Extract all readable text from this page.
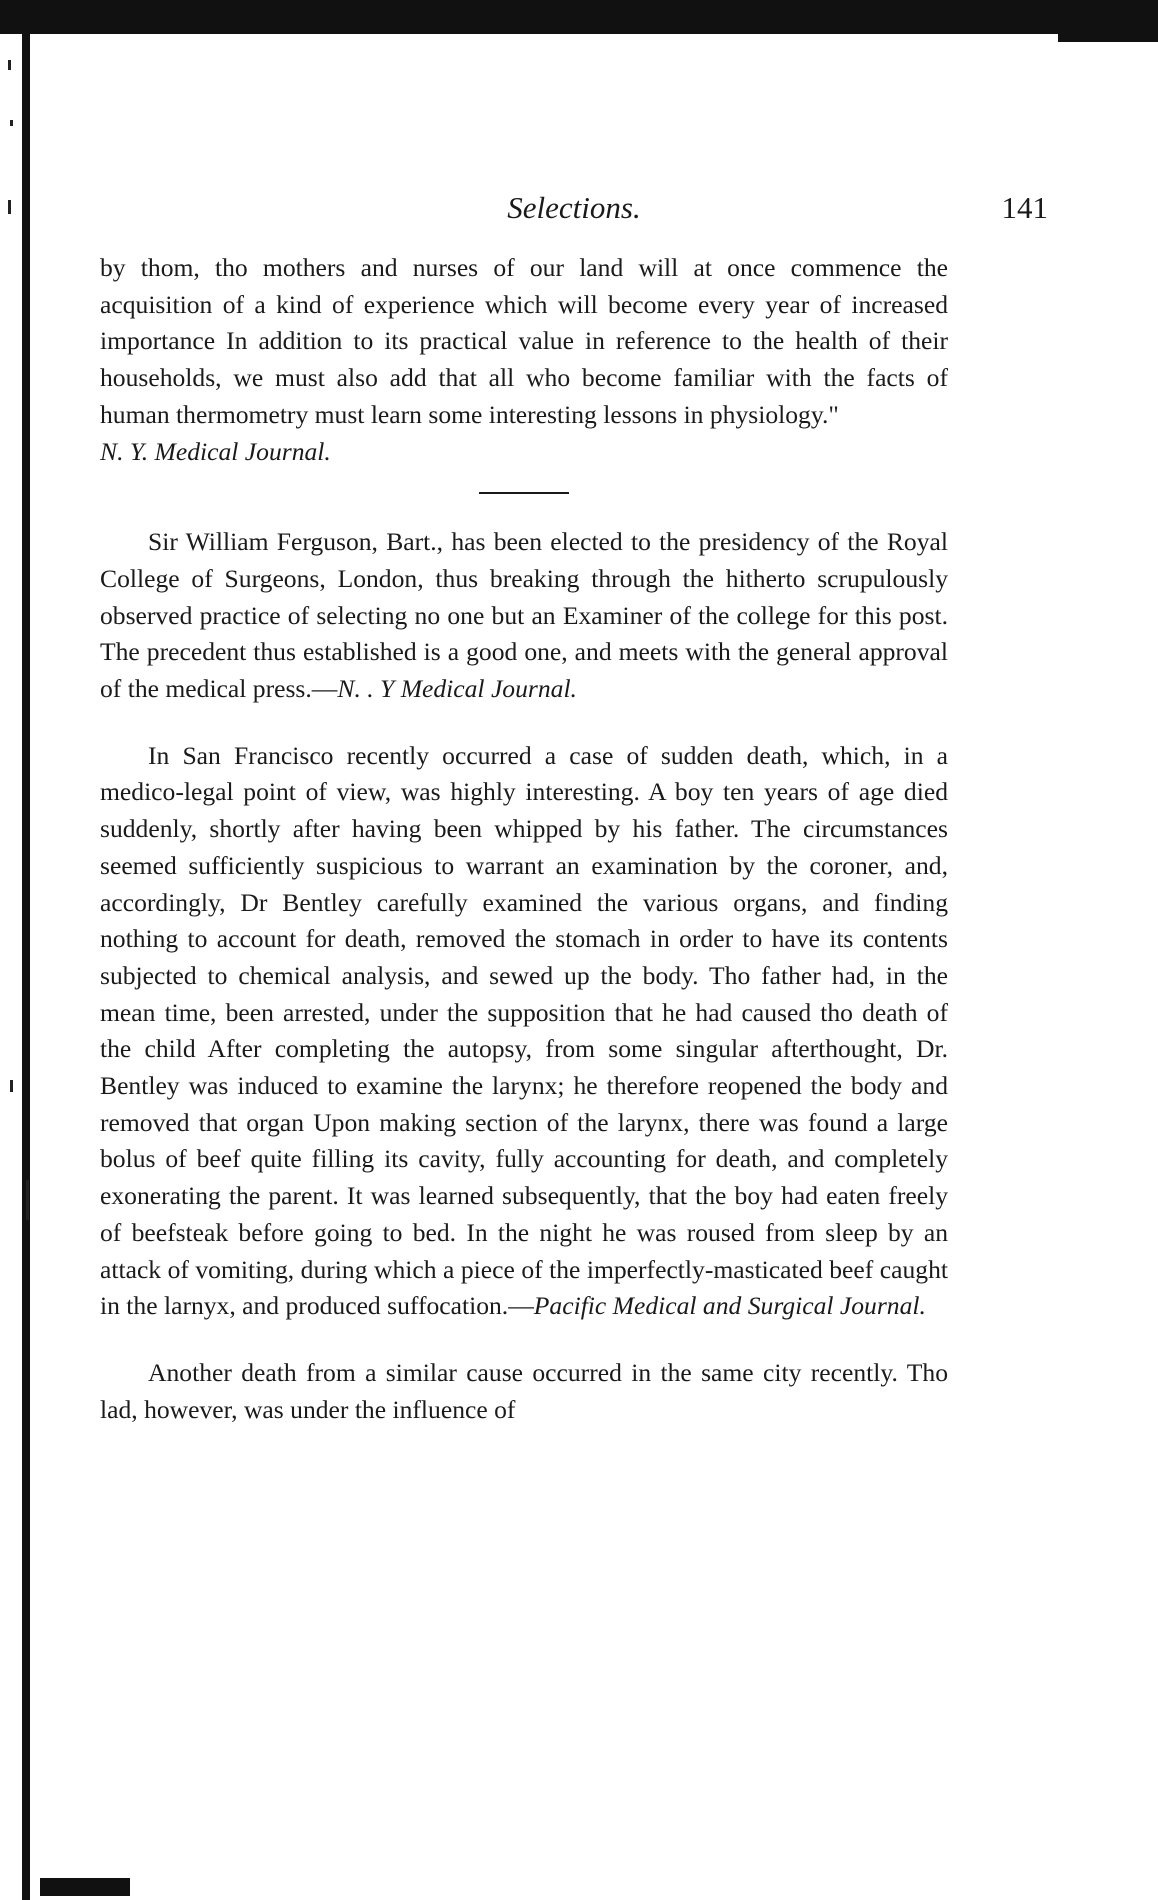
Selections.	141

by thom, tho mothers and nurses of our land will at once commence the acquisition of a kind of experience which will become every year of increased importance In addition to its practical value in reference to the health of their households, we must also add that all who become familiar with the facts of human thermometry must learn some interesting lessons in physiology."
N. Y. Medical Journal.

Sir William Ferguson, Bart., has been elected to the presidency of the Royal College of Surgeons, London, thus breaking through the hitherto scrupulously observed practice of selecting no one but an Examiner of the college for this post. The precedent thus established is a good one, and meets with the general approval of the medical press.—N. . Y Medical Journal.

In San Francisco recently occurred a case of sudden death, which, in a medico-legal point of view, was highly interesting. A boy ten years of age died suddenly, shortly after having been whipped by his father. The circumstances seemed sufficiently suspicious to warrant an examination by the coroner, and, accordingly, Dr Bentley carefully examined the various organs, and finding nothing to account for death, removed the stomach in order to have its contents subjected to chemical analysis, and sewed up the body. Tho father had, in the mean time, been arrested, under the supposition that he had caused tho death of the child After completing the autopsy, from some singular afterthought, Dr. Bentley was induced to examine the larynx; he therefore reopened the body and removed that organ Upon making section of the larynx, there was found a large bolus of beef quite filling its cavity, fully accounting for death, and completely exonerating the parent. It was learned subsequently, that the boy had eaten freely of beefsteak before going to bed. In the night he was roused from sleep by an attack of vomiting, during which a piece of the imperfectly-masticated beef caught in the larnyx, and produced suffocation.—Pacific Medical and Surgical Journal.

Another death from a similar cause occurred in the same city recently. Tho lad, however, was under the influence of
